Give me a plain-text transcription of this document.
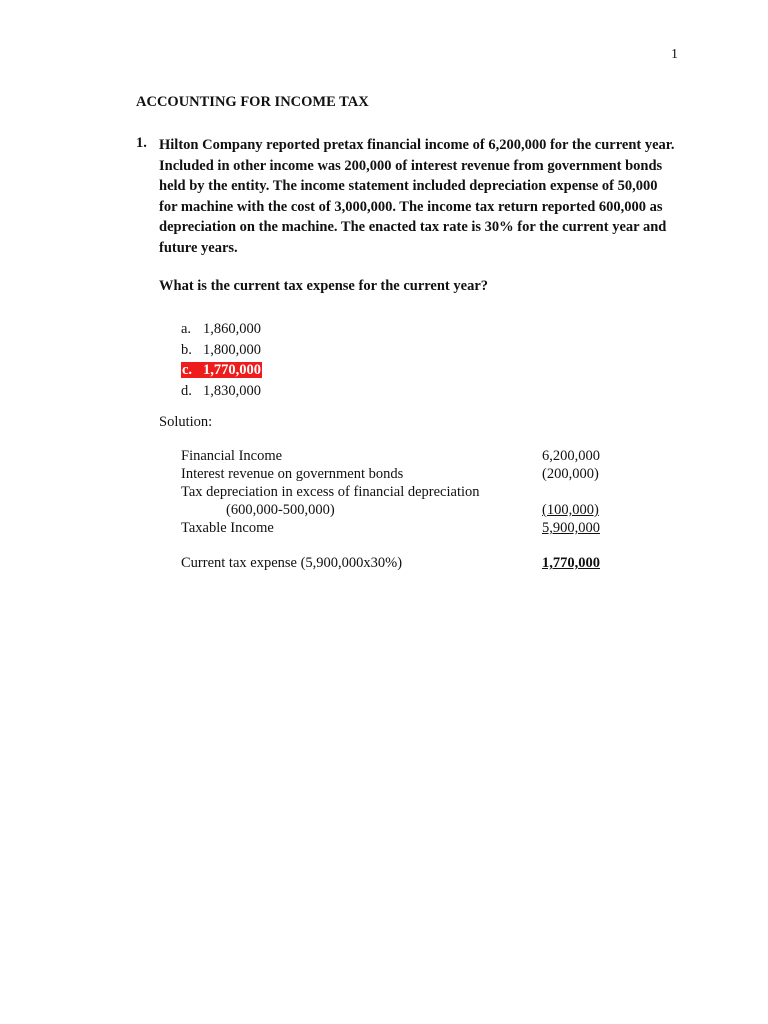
1
ACCOUNTING FOR INCOME TAX
1. Hilton Company reported pretax financial income of 6,200,000 for the current year. Included in other income was 200,000 of interest revenue from government bonds held by the entity. The income statement included depreciation expense of 50,000 for machine with the cost of 3,000,000. The income tax return reported 600,000 as depreciation on the machine. The enacted tax rate is 30% for the current year and future years.

What is the current tax expense for the current year?

a. 1,860,000
b. 1,800,000
c. 1,770,000
d. 1,830,000
Solution:
Financial Income	6,200,000
Interest revenue on government bonds	(200,000)
Tax depreciation in excess of financial depreciation
(600,000-500,000)	(100,000)
Taxable Income	5,900,000
Current tax expense (5,900,000x30%)	1,770,000
